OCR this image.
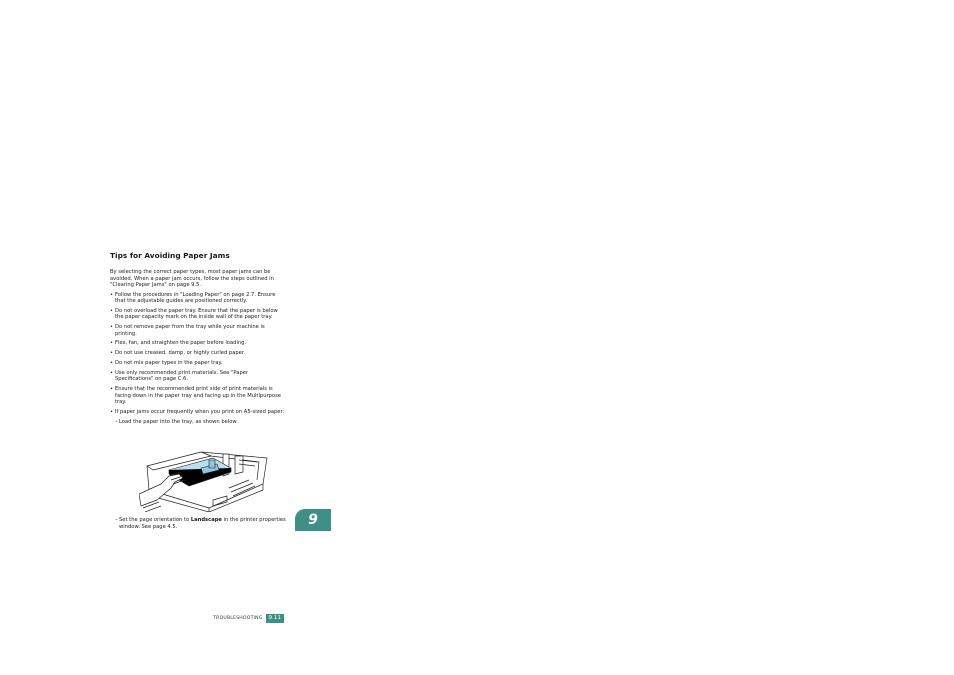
Tips for Avoiding Paper Jams

By selecting the correct paper types, most paper jams can be avoided. When a paper jam occurs, follow the steps outlined in "Clearing Paper Jams" on page 9.5.

• Follow the procedures in "Loading Paper" on page 2.7. Ensure that the adjustable guides are positioned correctly.
• Do not overload the paper tray. Ensure that the paper is below the paper capacity mark on the inside wall of the paper tray.
• Do not remove paper from the tray while your machine is printing.
• Flex, fan, and straighten the paper before loading.
• Do not use creased, damp, or highly curled paper.
• Do not mix paper types in the paper tray.
• Use only recommended print materials. See "Paper Specifications" on page C.6.
• Ensure that the recommended print side of print materials is facing down in the paper tray and facing up in the Multipurpose tray.
• If paper jams occur frequently when you print on A5-sized paper:

– Load the paper into the tray, as shown below.

– Set the page orientation to Landscape in the printer properties window. See page 4.5.	9
TROUBLESHOOTING	9.11
